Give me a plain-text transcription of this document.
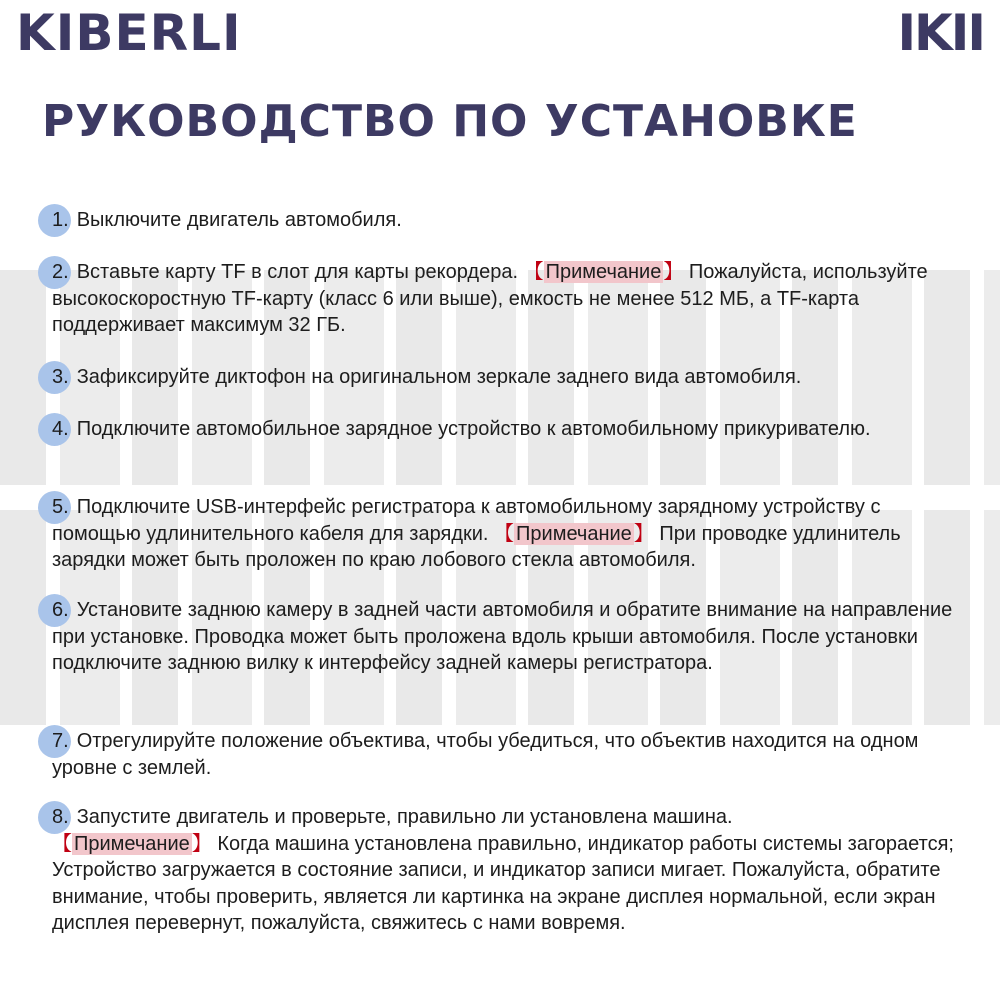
KIBERLI	IKII
РУКОВОДСТВО ПО УСТАНОВКЕ
1. Выключите двигатель автомобиля.
2. Вставьте карту TF в слот для карты рекордера. 【 Примечание 】 Пожалуйста, используйте высокоскоростную TF-карту (класс 6 или выше), емкость не менее 512 МБ, а TF-карта поддерживает максимум 32 ГБ.
3. Зафиксируйте диктофон на оригинальном зеркале заднего вида автомобиля.
4. Подключите автомобильное зарядное устройство к автомобильному прикуривателю.
5. Подключите USB-интерфейс регистратора к автомобильному зарядному устройству с помощью удлинительного кабеля для зарядки. 【 Примечание 】 При проводке удлинитель зарядки может быть проложен по краю лобового стекла автомобиля.
6. Установите заднюю камеру в задней части автомобиля и обратите внимание на направление при установке. Проводка может быть проложена вдоль крыши автомобиля. После установки подключите заднюю вилку к интерфейсу задней камеры регистратора.
7. Отрегулируйте положение объектива, чтобы убедиться, что объектив находится на одном уровне с землей.
8. Запустите двигатель и проверьте, правильно ли установлена машина.
【 Примечание 】 Когда машина установлена правильно, индикатор работы системы загорается; Устройство загружается в состояние записи, и индикатор записи мигает. Пожалуйста, обратите внимание, чтобы проверить, является ли картинка на экране дисплея нормальной, если экран дисплея перевернут, пожалуйста, свяжитесь с нами вовремя.
